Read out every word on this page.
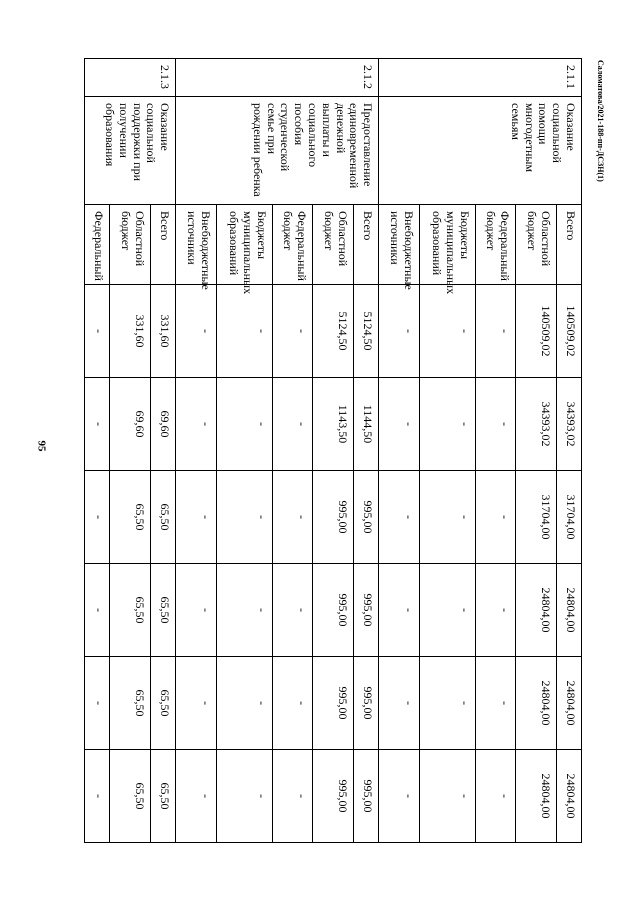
95
Саломатова/2021-188-пп-ДСЗН(1)
2.1.1	Оказание социальной помощи многодетным семьям	Всего	140509,02	34393,02	31704,00	24804,00	24804,00	24804,00
		Областной бюджет	140509,02	34393,02	31704,00	24804,00	24804,00	24804,00
		Федеральный бюджет	-	-	-	-	-	-
		Бюджеты муниципальных образований	-	-	-	-	-	-
		Внебюджетные источники	-	-	-	-	-	-
2.1.2	Предоставление единовременной денежной выплаты и социального пособия студенческой семье при рождении ребенка	Всего	5124,50	1144,50	995,00	995,00	995,00	995,00
		Областной бюджет	5124,50	1143,50	995,00	995,00	995,00	995,00
		Федеральный бюджет	-	-	-	-	-	-
		Бюджеты муниципальных образований	-	-	-	-	-	-
		Внебюджетные источники	-	-	-	-	-	-
2.1.3	Оказание социальной поддержки при получении образования	Всего	331,60	69,60	65,50	65,50	65,50	65,50
		Областной бюджет	331,60	69,60	65,50	65,50	65,50	65,50
		Федеральный	-	-	-	-	-	-
